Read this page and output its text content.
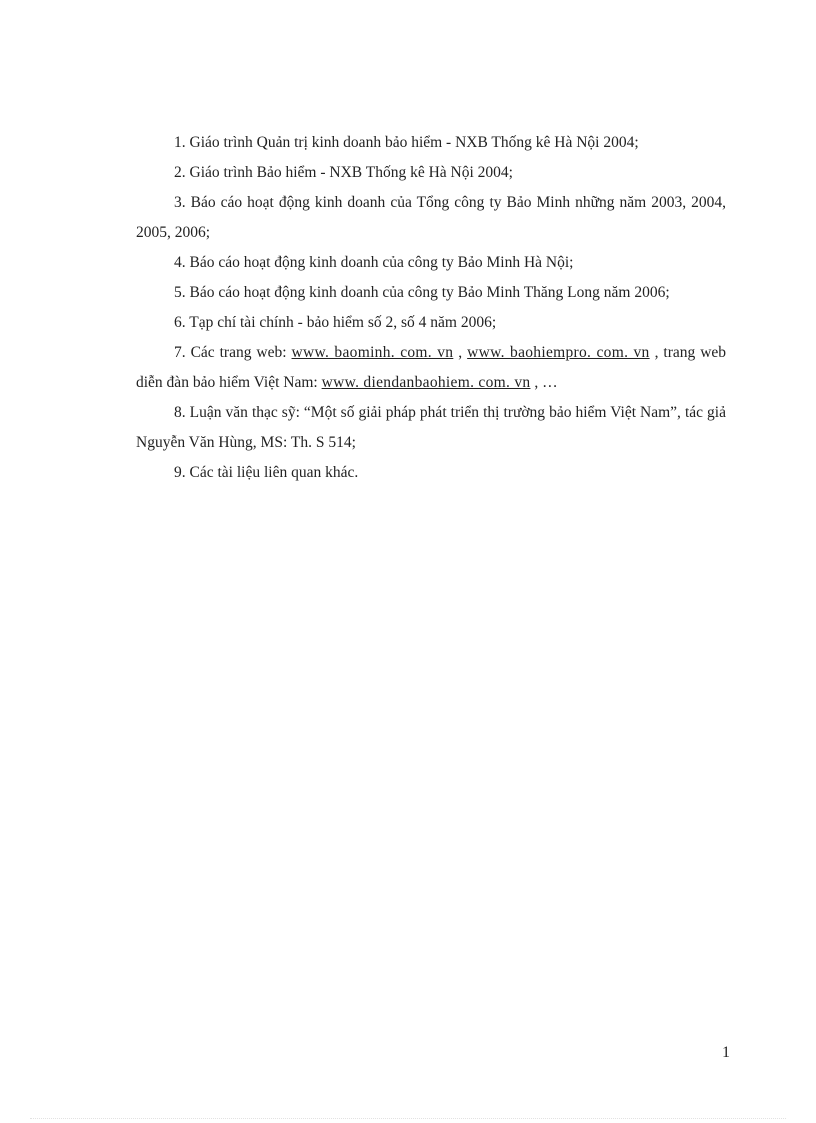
1. Giáo trình Quản trị kinh doanh bảo hiểm - NXB Thống kê Hà Nội 2004;

2. Giáo trình Bảo hiểm - NXB Thống kê Hà Nội 2004;

3. Báo cáo hoạt động kinh doanh của Tổng công ty Bảo Minh những năm 2003, 2004, 2005, 2006;

4. Báo cáo hoạt động kinh doanh của công ty Bảo Minh Hà Nội;

5. Báo cáo hoạt động kinh doanh của công ty Bảo Minh Thăng Long năm 2006;

6. Tạp chí tài chính - bảo hiểm số 2, số 4 năm 2006;

7. Các trang web: www. baominh. com. vn , www. baohiempro. com. vn , trang web diễn đàn bảo hiểm Việt Nam: www. diendanbaohiem. com. vn , …

8. Luận văn thạc sỹ: “Một số giải pháp phát triển thị trường bảo hiểm Việt Nam”, tác giả Nguyễn Văn Hùng, MS: Th. S 514;

9. Các tài liệu liên quan khác.

1
